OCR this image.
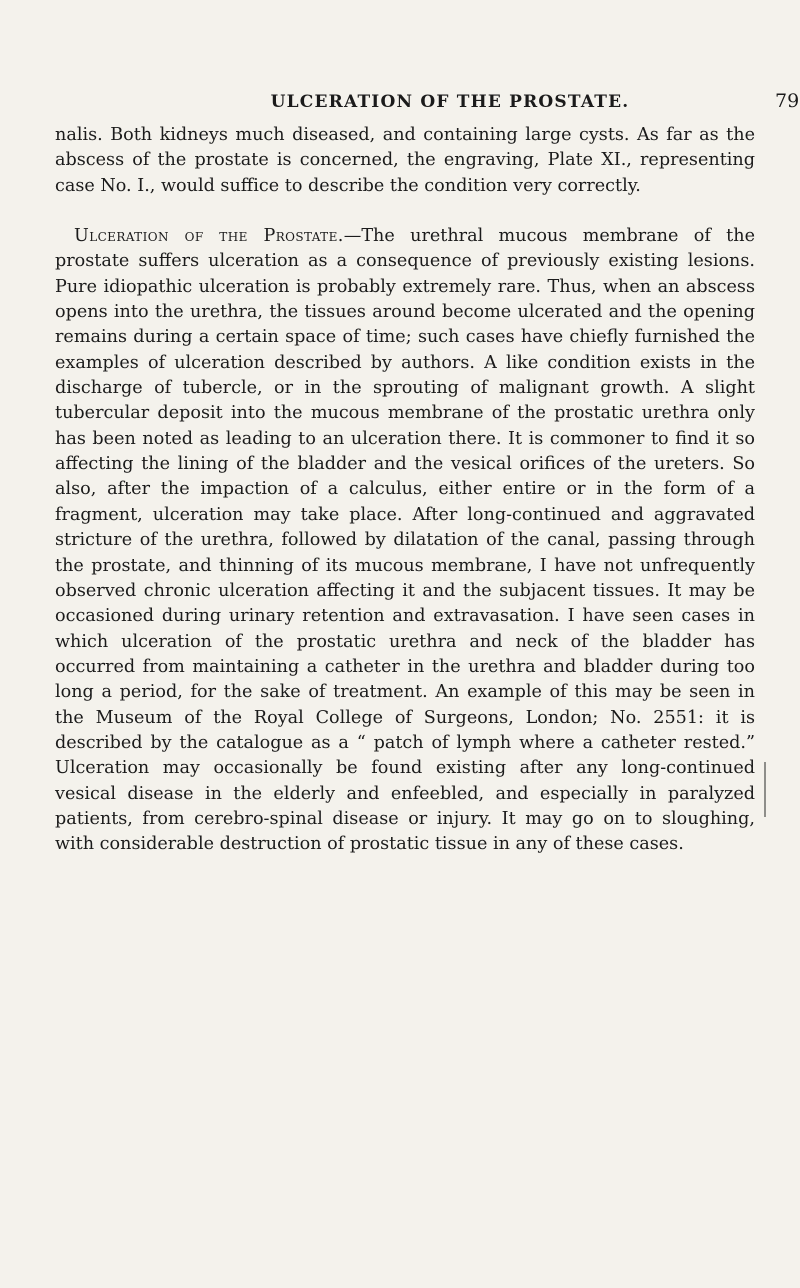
ULCERATION OF THE PROSTATE.	79

nalis. Both kidneys much diseased, and containing large cysts. As far as the abscess of the prostate is concerned, the engraving, Plate XI., representing case No. I., would suffice to describe the condition very correctly.

Ulceration of the Prostate.—The urethral mucous membrane of the prostate suffers ulceration as a consequence of previously existing lesions. Pure idiopathic ulceration is probably extremely rare. Thus, when an abscess opens into the urethra, the tissues around become ulcerated and the opening remains during a certain space of time; such cases have chiefly furnished the examples of ulceration described by authors. A like condition exists in the discharge of tubercle, or in the sprouting of malignant growth. A slight tubercular deposit into the mucous membrane of the prostatic urethra only has been noted as leading to an ulceration there. It is commoner to find it so affecting the lining of the bladder and the vesical orifices of the ureters. So also, after the impaction of a calculus, either entire or in the form of a fragment, ulceration may take place. After long-continued and aggravated stricture of the urethra, followed by dilatation of the canal, passing through the prostate, and thinning of its mucous membrane, I have not unfrequently observed chronic ulceration affecting it and the subjacent tissues. It may be occasioned during urinary retention and extravasation. I have seen cases in which ulceration of the prostatic urethra and neck of the bladder has occurred from maintaining a catheter in the urethra and bladder during too long a period, for the sake of treatment. An example of this may be seen in the Museum of the Royal College of Surgeons, London; No. 2551: it is described by the catalogue as a “ patch of lymph where a catheter rested.” Ulceration may occasionally be found existing after any long-continued vesical disease in the elderly and enfeebled, and especially in paralyzed patients, from cerebro-spinal disease or injury. It may go on to sloughing, with considerable destruction of prostatic tissue in any of these cases.
